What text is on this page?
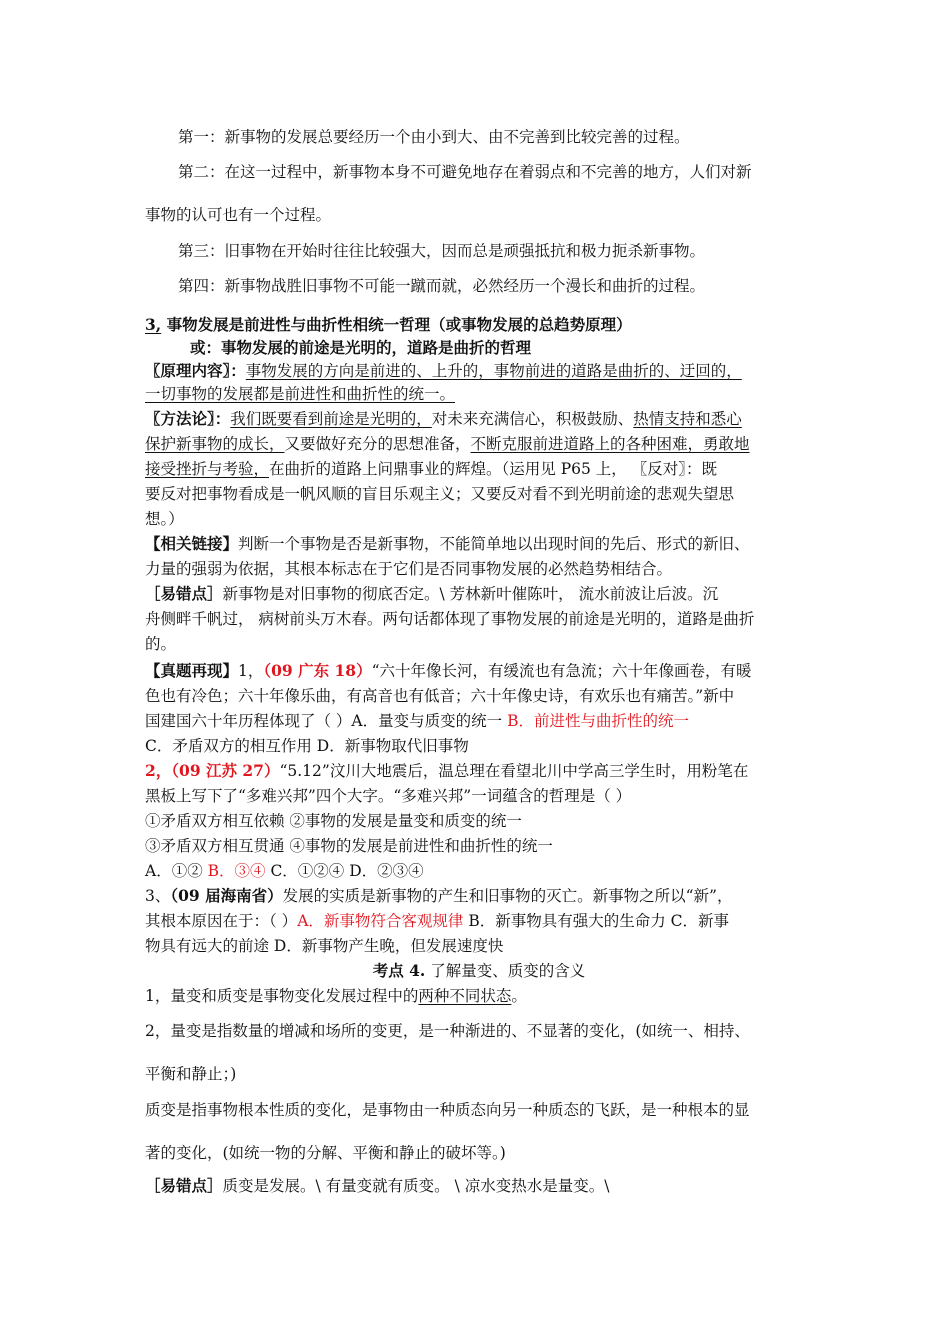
第一：新事物的发展总要经历一个由小到大、由不完善到比较完善的过程。
第二：在这一过程中，新事物本身不可避免地存在着弱点和不完善的地方，人们对新
事物的认可也有一个过程。
第三：旧事物在开始时往往比较强大，因而总是顽强抵抗和极力扼杀新事物。
第四：新事物战胜旧事物不可能一蹴而就，必然经历一个漫长和曲折的过程。
3, 事物发展是前进性与曲折性相统一哲理（或事物发展的总趋势原理）
或：事物发展的前途是光明的，道路是曲折的哲理
〖原理内容〗：事物发展的方向是前进的、上升的，事物前进的道路是曲折的、迂回的，
一切事物的发展都是前进性和曲折性的统一。
〖方法论〗：我们既要看到前途是光明的，对未来充满信心，积极鼓励、热情支持和悉心
保护新事物的成长，又要做好充分的思想准备，不断克服前进道路上的各种困难，勇敢地
接受挫折与考验，在曲折的道路上问鼎事业的辉煌。（运用见 P65 上， 〖反对〗：既
要反对把事物看成是一帆风顺的盲目乐观主义；又要反对看不到光明前途的悲观失望思
想。）
【相关链接】判断一个事物是否是新事物，不能简单地以出现时间的先后、形式的新旧、
力量的强弱为依据，其根本标志在于它们是否同事物发展的必然趋势相结合。
［易错点］新事物是对旧事物的彻底否定。\ 芳林新叶催陈叶， 流水前波让后波。沉
舟侧畔千帆过， 病树前头万木春。两句话都体现了事物发展的前途是光明的，道路是曲折
的。
【真题再现】1，（09 广东 18）“六十年像长河，有缓流也有急流；六十年像画卷，有暖
色也有冷色；六十年像乐曲，有高音也有低音；六十年像史诗，有欢乐也有痛苦。”新中
国建国六十年历程体现了（ ）A．量变与质变的统一 B．前进性与曲折性的统一
C．矛盾双方的相互作用 D．新事物取代旧事物
2，（09 江苏 27）“5.12”汶川大地震后，温总理在看望北川中学高三学生时，用粉笔在
黑板上写下了“多难兴邦”四个大字。“多难兴邦”一词蕴含的哲理是（ ）
①矛盾双方相互依赖 ②事物的发展是量变和质变的统一
③矛盾双方相互贯通 ④事物的发展是前进性和曲折性的统一
A．①② B．③④ C．①②④ D．②③④
3、（09 届海南省）发展的实质是新事物的产生和旧事物的灭亡。新事物之所以“新”，
其根本原因在于：（ ）A．新事物符合客观规律 B．新事物具有强大的生命力 C．新事
物具有远大的前途 D．新事物产生晚，但发展速度快
考点 4. 了解量变、质变的含义
1，量变和质变是事物变化发展过程中的两种不同状态。
2，量变是指数量的增减和场所的变更，是一种渐进的、不显著的变化，(如统一、相持、
平衡和静止；)
质变是指事物根本性质的变化，是事物由一种质态向另一种质态的飞跃，是一种根本的显
著的变化，(如统一物的分解、平衡和静止的破坏等。)
［易错点］质变是发展。\ 有量变就有质变。 \ 凉水变热水是量变。\
